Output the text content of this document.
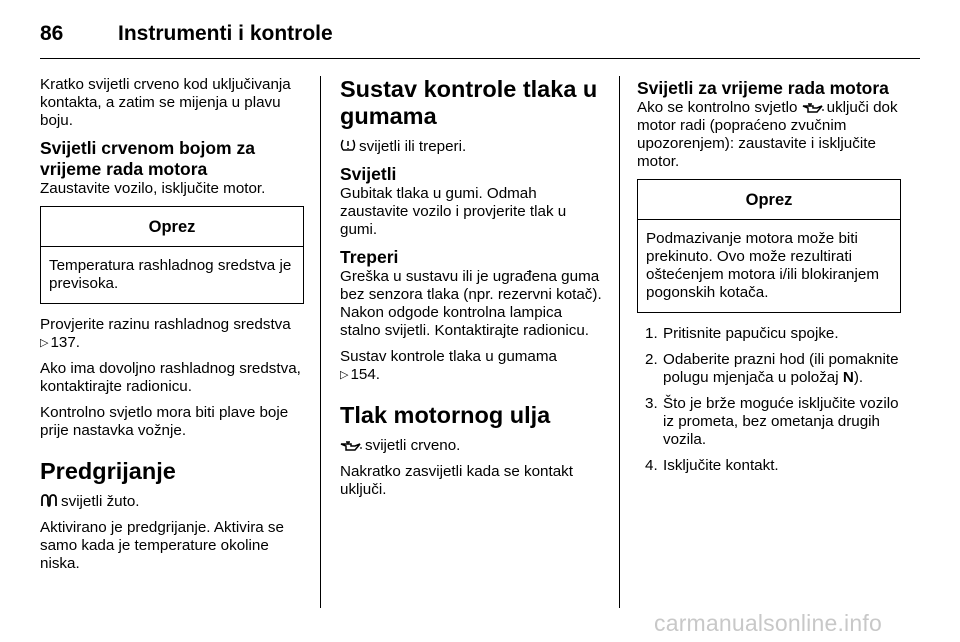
86	Instrumenti i kontrole

Kratko svijetli crveno kod uključivanja kontakta, a zatim se mijenja u plavu boju.

Svijetli crvenom bojom za vrijeme rada motora

Zaustavite vozilo, isključite motor.

Oprez
Temperatura rashladnog sredstva je previsoka.

Provjerite razinu rashladnog sredstva
▷ 137.

Ako ima dovoljno rashladnog sredstva, kontaktirajte radionicu.

Kontrolno svjetlo mora biti plave boje prije nastavka vožnje.

Predgrijanje

svijetli žuto.

Aktivirano je predgrijanje. Aktivira se samo kada je temperature okoline niska.

Sustav kontrole tlaka u gumama

svijetli ili treperi.

Svijetli

Gubitak tlaka u gumi. Odmah zaustavite vozilo i provjerite tlak u gumi.

Treperi

Greška u sustavu ili je ugrađena guma bez senzora tlaka (npr. rezervni kotač). Nakon odgode kontrolna lampica stalno svijetli. Kontaktirajte radionicu.

Sustav kontrole tlaka u gumama
▷ 154.

Tlak motornog ulja

svijetli crveno.

Nakratko zasvijetli kada se kontakt uključi.

Svijetli za vrijeme rada motora

Ako se kontrolno svjetlo uključi dok motor radi (popraćeno zvučnim upozorenjem): zaustavite i isključite motor.

Oprez
Podmazivanje motora može biti prekinuto. Ovo može rezultirati oštećenjem motora i/ili blokiranjem pogonskih kotača.
1. Pritisnite papučicu spojke.
2. Odaberite prazni hod (ili pomaknite polugu mjenjača u položaj N).
3. Što je brže moguće isključite vozilo iz prometa, bez ometanja drugih vozila.
4. Isključite kontakt.
carmanualsonline.info
